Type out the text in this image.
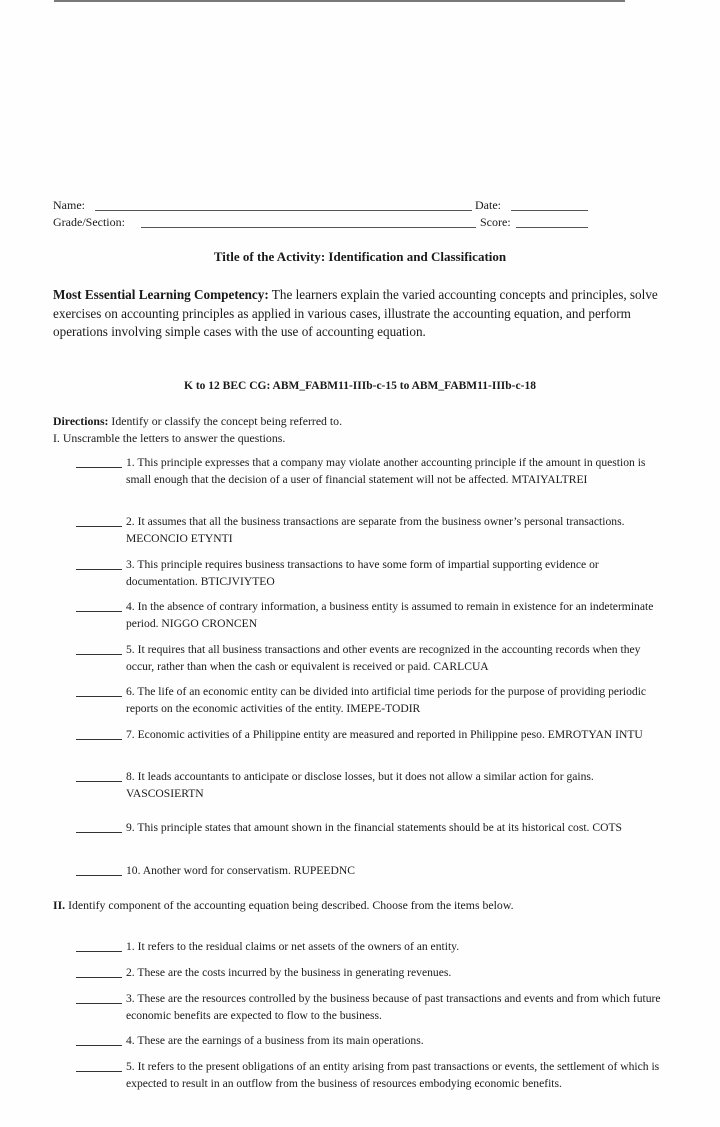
Name:	Date:
Grade/Section:	Score:
Title of the Activity: Identification and Classification
Most Essential Learning Competency: The learners explain the varied accounting concepts and principles, solve exercises on accounting principles as applied in various cases, illustrate the accounting equation, and perform operations involving simple cases with the use of accounting equation.
K to 12 BEC CG: ABM_FABM11-IIIb-c-15 to ABM_FABM11-IIIb-c-18
Directions: Identify or classify the concept being referred to.
I. Unscramble the letters to answer the questions.
1. This principle expresses that a company may violate another accounting principle if the amount in question is small enough that the decision of a user of financial statement will not be affected. MTAIYALTREI
2. It assumes that all the business transactions are separate from the business owner’s personal transactions. MECONCIO ETYNTI
3. This principle requires business transactions to have some form of impartial supporting evidence or documentation. BTICJVIYTEO
4. In the absence of contrary information, a business entity is assumed to remain in existence for an indeterminate period. NIGGO CRONCEN
5. It requires that all business transactions and other events are recognized in the accounting records when they occur, rather than when the cash or equivalent is received or paid. CARLCUA
6. The life of an economic entity can be divided into artificial time periods for the purpose of providing periodic reports on the economic activities of the entity. IMEPE-TODIR
7. Economic activities of a Philippine entity are measured and reported in Philippine peso. EMROTYAN INTU
8. It leads accountants to anticipate or disclose losses, but it does not allow a similar action for gains. VASCOSIERTN
9. This principle states that amount shown in the financial statements should be at its historical cost. COTS
10. Another word for conservatism. RUPEEDNC
II. Identify component of the accounting equation being described. Choose from the items below.
1. It refers to the residual claims or net assets of the owners of an entity.
2. These are the costs incurred by the business in generating revenues.
3. These are the resources controlled by the business because of past transactions and events and from which future economic benefits are expected to flow to the business.
4. These are the earnings of a business from its main operations.
5. It refers to the present obligations of an entity arising from past transactions or events, the settlement of which is expected to result in an outflow from the business of resources embodying economic benefits.
